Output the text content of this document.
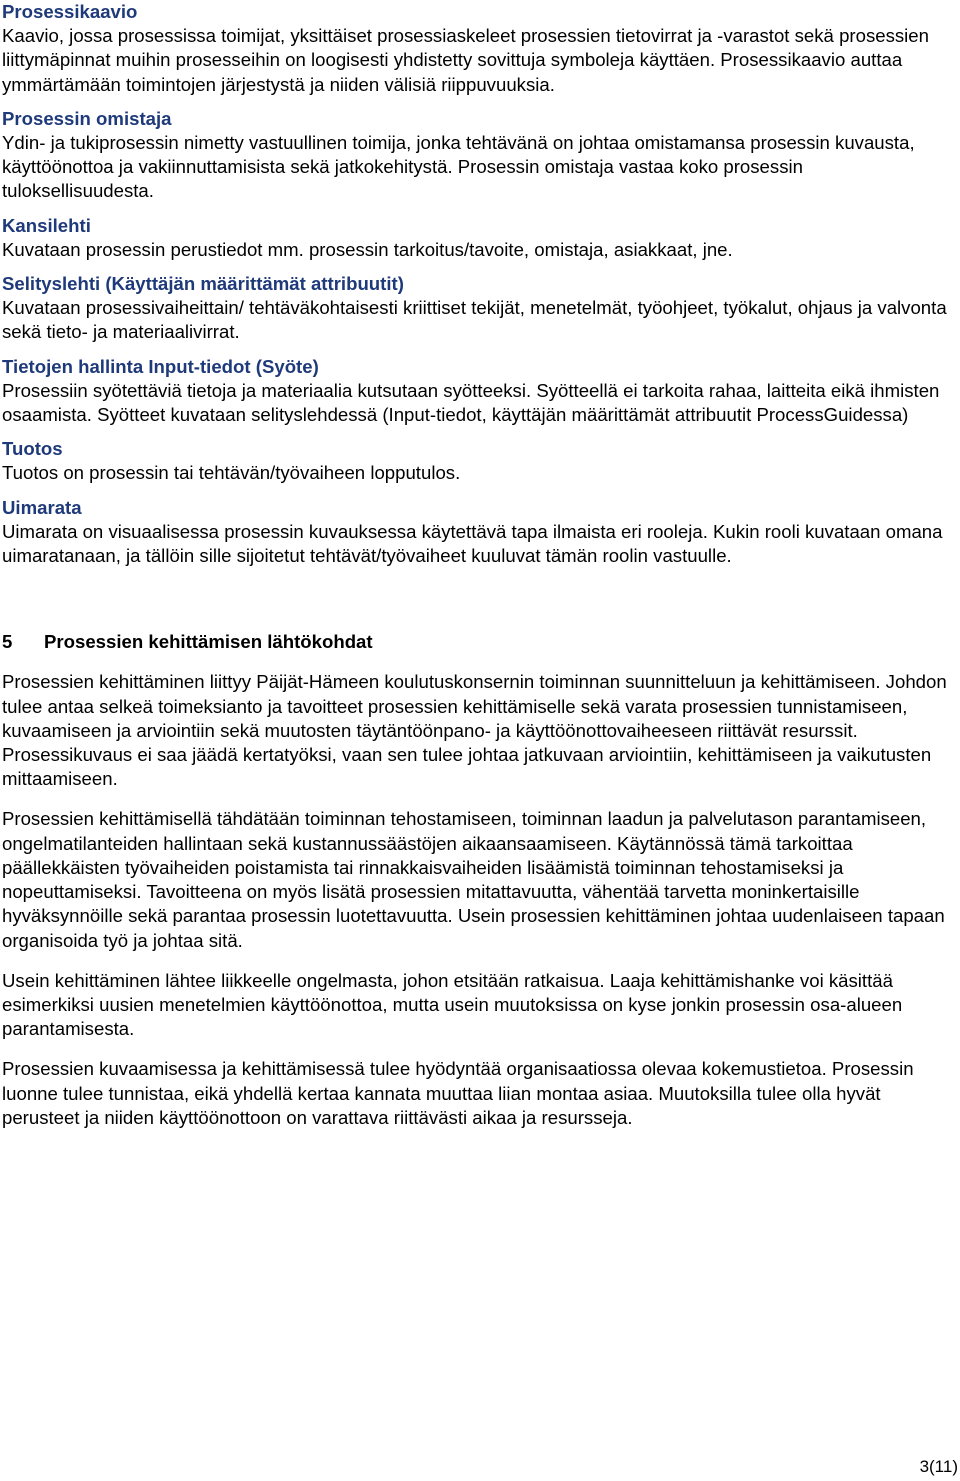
Prosessikaavio
Kaavio, jossa prosessissa toimijat, yksittäiset prosessiaskeleet prosessien tietovirrat ja -varastot sekä prosessien liittymäpinnat muihin prosesseihin on loogisesti yhdistetty sovittuja symboleja käyttäen. Prosessikaavio auttaa ymmärtämään toimintojen järjestystä ja niiden välisiä riippuvuuksia.
Prosessin omistaja
Ydin- ja tukiprosessin nimetty vastuullinen toimija, jonka tehtävänä on johtaa omistamansa prosessin kuvausta, käyttöönottoa ja vakiinnuttamisista sekä jatkokehitystä. Prosessin omistaja vastaa koko prosessin tuloksellisuudesta.
Kansilehti
Kuvataan prosessin perustiedot mm. prosessin tarkoitus/tavoite, omistaja, asiakkaat, jne.
Selityslehti (Käyttäjän määrittämät attribuutit)
Kuvataan prosessivaiheittain/ tehtäväkohtaisesti kriittiset tekijät, menetelmät, työohjeet, työkalut, ohjaus ja valvonta sekä tieto- ja materiaalivirrat.
Tietojen hallinta Input-tiedot (Syöte)
Prosessiin syötettäviä tietoja ja materiaalia kutsutaan syötteeksi. Syötteellä ei tarkoita rahaa, laitteita eikä ihmisten osaamista. Syötteet kuvataan selityslehdessä (Input-tiedot, käyttäjän määrittämät attribuutit ProcessGuidessa)
Tuotos
Tuotos on prosessin tai tehtävän/työvaiheen lopputulos.
Uimarata
Uimarata on visuaalisessa prosessin kuvauksessa käytettävä tapa ilmaista eri rooleja. Kukin rooli kuvataan omana uimaratanaan, ja tällöin sille sijoitetut tehtävät/työvaiheet kuuluvat tämän roolin vastuulle.
5	Prosessien kehittämisen lähtökohdat

Prosessien kehittäminen liittyy Päijät-Hämeen koulutuskonsernin toiminnan suunnitteluun ja kehittämiseen. Johdon tulee antaa selkeä toimeksianto ja tavoitteet prosessien kehittämiselle sekä varata prosessien tunnistamiseen, kuvaamiseen ja arviointiin sekä muutosten täytäntöönpano- ja käyttöönottovaiheeseen riittävät resurssit. Prosessikuvaus ei saa jäädä kertatyöksi, vaan sen tulee johtaa jatkuvaan arviointiin, kehittämiseen ja vaikutusten mittaamiseen.

Prosessien kehittämisellä tähdätään toiminnan tehostamiseen, toiminnan laadun ja palvelutason parantamiseen, ongelmatilanteiden hallintaan sekä kustannussäästöjen aikaansaamiseen. Käytännössä tämä tarkoittaa päällekkäisten työvaiheiden poistamista tai rinnakkaisvaiheiden lisäämistä toiminnan tehostamiseksi ja nopeuttamiseksi. Tavoitteena on myös lisätä prosessien mitattavuutta, vähentää tarvetta moninkertaisille hyväksynnöille sekä parantaa prosessin luotettavuutta. Usein prosessien kehittäminen johtaa uudenlaiseen tapaan organisoida työ ja johtaa sitä.

Usein kehittäminen lähtee liikkeelle ongelmasta, johon etsitään ratkaisua. Laaja kehittämishanke voi käsittää esimerkiksi uusien menetelmien käyttöönottoa, mutta usein muutoksissa on kyse jonkin prosessin osa-alueen parantamisesta.

Prosessien kuvaamisessa ja kehittämisessä tulee hyödyntää organisaatiossa olevaa kokemustietoa. Prosessin luonne tulee tunnistaa, eikä yhdellä kertaa kannata muuttaa liian montaa asiaa. Muutoksilla tulee olla hyvät perusteet ja niiden käyttöönottoon on varattava riittävästi aikaa ja resursseja.

3(11)
